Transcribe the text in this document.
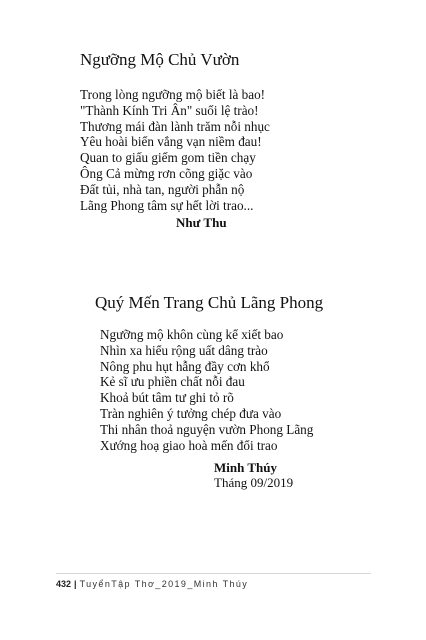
Ngưỡng Mộ Chủ Vườn
Trong lòng ngưỡng mộ biết là bao!
"Thành Kính Tri Ân" suối lệ trào!
Thương mái đàn lành trăm nỗi nhục
Yêu hoài biển vắng vạn niềm đau!
Quan to giấu giếm gom tiền chạy
Ông Cả mừng rơn cõng giặc vào
Đất tủi, nhà tan, người phẫn nộ
Lãng Phong tâm sự hết lời trao...
Như Thu
Quý Mến Trang Chủ Lãng Phong
Ngưỡng mộ khôn cùng kể xiết bao
Nhìn xa hiểu rộng uất dâng trào
Nông phu hụt hẫng đầy cơn khổ
Kẻ sĩ ưu phiền chất nỗi đau
Khoả bút tâm tư ghi tỏ rõ
Tràn nghiên ý tưởng chép đưa vào
Thi nhân thoả nguyện vườn Phong Lãng
Xướng hoạ giao hoà mến đổi trao
Minh Thúy
Tháng 09/2019
432 | TuyểnTập Thơ_2019_Minh Thúy
